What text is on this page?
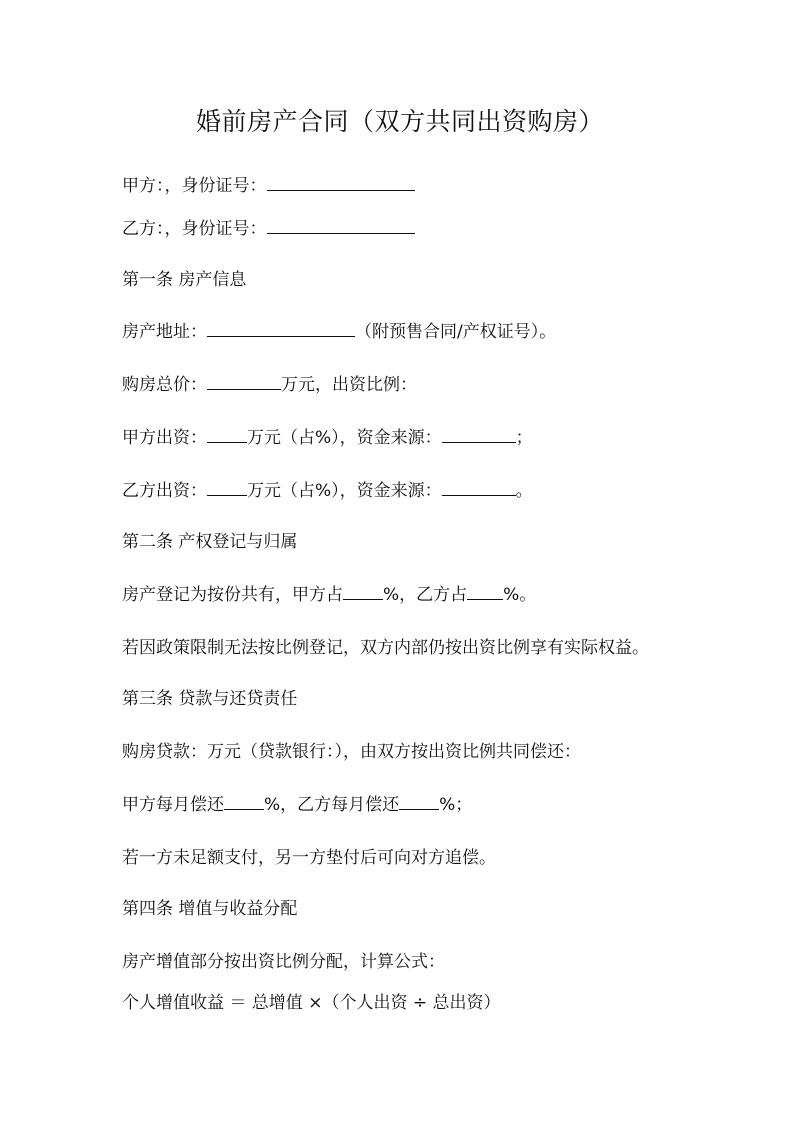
婚前房产合同（双方共同出资购房）
甲方：，身份证号：
乙方：，身份证号：
第一条 房产信息
房产地址：	（附预售合同/产权证号）。
购房总价：	万元，出资比例：
甲方出资： 万元（占%），资金来源：	；
乙方出资： 万元（占%），资金来源：	。
第二条 产权登记与归属
房产登记为按份共有，甲方占 %，乙方占 %。
若因政策限制无法按比例登记，双方内部仍按出资比例享有实际权益。
第三条 贷款与还贷责任
购房贷款：万元（贷款银行：），由双方按出资比例共同偿还：
甲方每月偿还 %，乙方每月偿还 %；
若一方未足额支付，另一方垫付后可向对方追偿。
第四条 增值与收益分配
房产增值部分按出资比例分配，计算公式：
个人增值收益 ＝ 总增值 ×（个人出资 ÷ 总出资）
